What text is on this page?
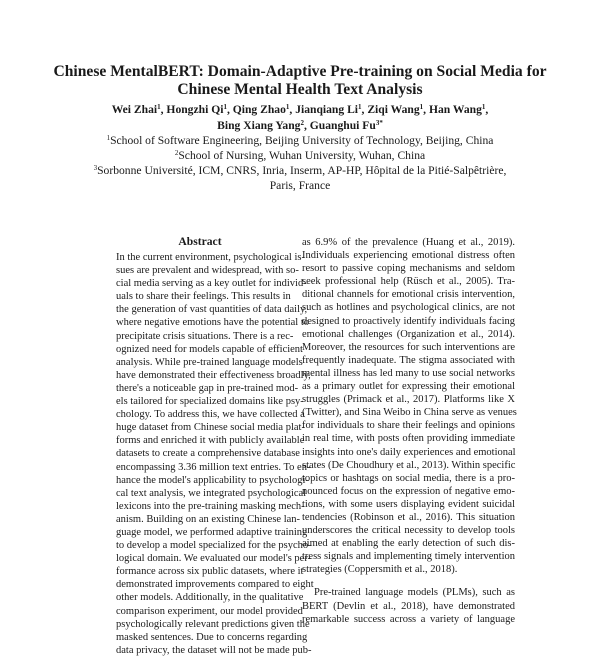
Chinese MentalBERT: Domain-Adaptive Pre-training on Social Media for
Chinese Mental Health Text Analysis
Wei Zhai$^1$, Hongzhi Qi$^1$, Qing Zhao$^1$, Jianqiang Li$^1$, Ziqi Wang$^1$, Han Wang$^1$,
Bing Xiang Yang$^2$, Guanghui $Fu^{3*}$
$^1$School of Software Engineering, Beijing University of Technology, Beijing, China
$^2$School of Nursing, Wuhan University, Wuhan, China
$^3$Sorbonne Université, ICM, CNRS, Inria, Inserm, AP-HP, Hôpital de la Pitié-Salpêtrière,
Paris, France
Abstract
In the current environment, psychological is-
sues are prevalent and widespread, with so-
cial media serving as a key outlet for individ-
uals to share their feelings. This results in
the generation of vast quantities of data daily,
where negative emotions have the potential to
precipitate crisis situations. There is a rec-
ognized need for models capable of efficient
analysis. While pre-trained language models
have demonstrated their effectiveness broadly,
there's a noticeable gap in pre-trained mod-
els tailored for specialized domains like psy-
chology. To address this, we have collected a
huge dataset from Chinese social media plat-
forms and enriched it with publicly available
datasets to create a comprehensive database
encompassing 3.36 million text entries. To en-
hance the model's applicability to psychologi-
cal text analysis, we integrated psychological
lexicons into the pre-training masking mech-
anism. Building on an existing Chinese lan-
guage model, we performed adaptive training
to develop a model specialized for the psycho-
logical domain. We evaluated our model's per-
formance across six public datasets, where it
demonstrated improvements compared to eight
other models. Additionally, in the qualitative
comparison experiment, our model provided
psychologically relevant predictions given the
masked sentences. Due to concerns regarding
data privacy, the dataset will not be made pub-
as 6.9% of the prevalence (Huang et al., 2019).
Individuals experiencing emotional distress often
resort to passive coping mechanisms and seldom
seek professional help (Rüsch et al., 2005). Tra-
ditional channels for emotional crisis intervention,
such as hotlines and psychological clinics, are not
designed to proactively identify individuals facing
emotional challenges (Organization et al., 2014).
Moreover, the resources for such interventions are
frequently inadequate. The stigma associated with
mental illness has led many to use social networks
as a primary outlet for expressing their emotional
struggles (Primack et al., 2017). Platforms like X
(Twitter), and Sina Weibo in China serve as venues
for individuals to share their feelings and opinions
in real time, with posts often providing immediate
insights into one's daily experiences and emotional
states (De Choudhury et al., 2013). Within specific
topics or hashtags on social media, there is a pro-
nounced focus on the expression of negative emo-
tions, with some users displaying evident suicidal
tendencies (Robinson et al., 2016). This situation
underscores the critical necessity to develop tools
aimed at enabling the early detection of such dis-
tress signals and implementing timely intervention
strategies (Coppersmith et al., 2018).
Pre-trained language models (PLMs), such as
BERT (Devlin et al., 2018), have demonstrated
remarkable success across a variety of language
